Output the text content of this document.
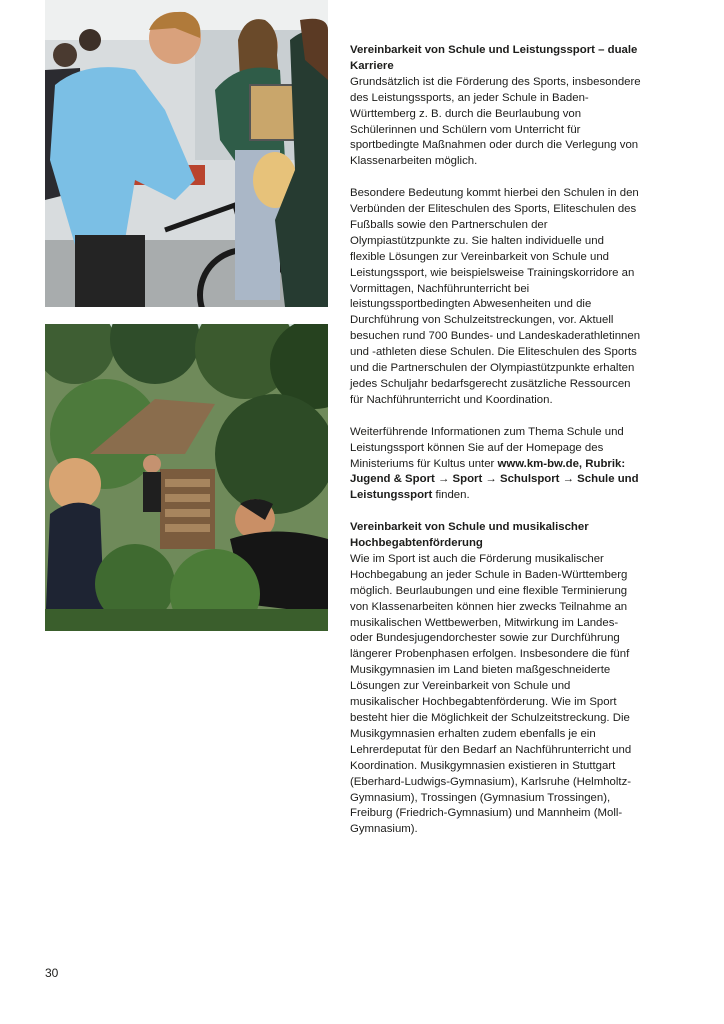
Vereinbarkeit von Schule und Leistungssport – duale Karriere

Grundsätzlich ist die Förderung des Sports, insbesondere des Leistungssports, an jeder Schule in Baden-Württemberg z. B. durch die Beurlaubung von Schülerinnen und Schülern vom Unterricht für sportbedingte Maßnahmen oder durch die Verlegung von Klassenarbeiten möglich.

Besondere Bedeutung kommt hierbei den Schulen in den Verbünden der Eliteschulen des Sports, Eliteschulen des Fußballs sowie den Partnerschulen der Olympiastützpunkte zu. Sie halten individuelle und flexible Lösungen zur Vereinbarkeit von Schule und Leistungssport, wie beispielsweise Trainingskorridore an Vormittagen, Nachführunterricht bei leistungssportbedingten Abwesenheiten und die Durchführung von Schulzeitstreckungen, vor. Aktuell besuchen rund 700 Bundes- und Landeskaderathletinnen und -athleten diese Schulen. Die Eliteschulen des Sports und die Partnerschulen der Olympiastützpunkte erhalten jedes Schuljahr bedarfsgerecht zusätzliche Ressourcen für Nachführunterricht und Koordination.

Weiterführende Informationen zum Thema Schule und Leistungssport können Sie auf der Homepage des Ministeriums für Kultus unter www.km-bw.de, Rubrik: Jugend & Sport → Sport → Schulsport → Schule und Leistungssport finden.

Vereinbarkeit von Schule und musikalischer Hochbegabtenförderung

Wie im Sport ist auch die Förderung musikalischer Hochbegabung an jeder Schule in Baden-Württemberg möglich. Beurlaubungen und eine flexible Terminierung von Klassenarbeiten können hier zwecks Teilnahme an musikalischen Wettbewerben, Mitwirkung im Landes- oder Bundesjugendorchester sowie zur Durchführung längerer Probenphasen erfolgen. Insbesondere die fünf Musikgymnasien im Land bieten maßgeschneiderte Lösungen zur Vereinbarkeit von Schule und musikalischer Hochbegabtenförderung. Wie im Sport besteht hier die Möglichkeit der Schulzeitstreckung. Die Musikgymnasien erhalten zudem ebenfalls je ein Lehrerdeputat für den Bedarf an Nachführunterricht und Koordination. Musikgymnasien existieren in Stuttgart (Eberhard-Ludwigs-Gymnasium), Karlsruhe (Helmholtz-Gymnasium), Trossingen (Gymnasium Trossingen), Freiburg (Friedrich-Gymnasium) und Mannheim (Moll-Gymnasium).

30
